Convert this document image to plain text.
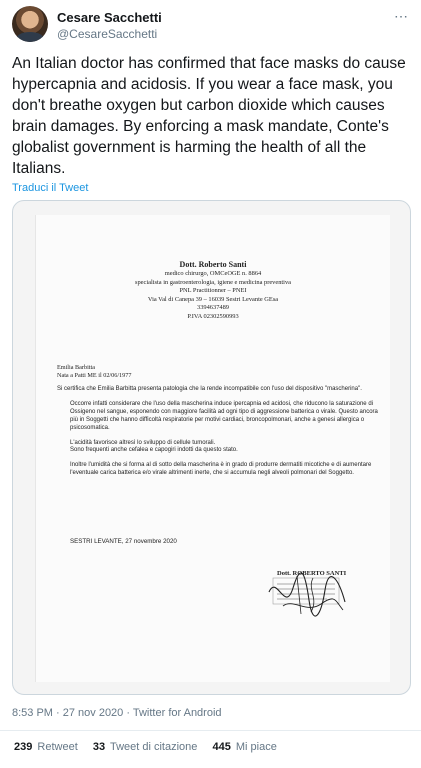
Cesare Sacchetti
@CesareSacchetti
⋯
An Italian doctor has confirmed that face masks do cause hypercapnia and acidosis. If you wear a face mask, you don't breathe oxygen but carbon dioxide which causes brain damages. By enforcing a mask mandate, Conte's globalist government is harming the health of all the Italians.
Traduci il Tweet
Dott. Roberto Santi
medico chirurgo, OMCeOGE n. 8864
specialista in gastroenterologia, igiene e medicina preventiva
PNL Practitionner – PNEI
Via Val di Canepa 39 – 16039 Sestri Levante GEsa
3394637489
P.IVA 02302590993
Emilia Barbitta
Nata a Patti ME il 02/06/1977

Si certifica che Emilia Barbitta presenta patologia che la rende incompatibile con l'uso del dispositivo "mascherina".

Occorre infatti considerare che l'uso della mascherina induce ipercapnia ed acidosi, che riducono la saturazione di Ossigeno nel sangue, esponendo con maggiore facilità ad ogni tipo di aggressione batterica o virale. Questo ancora più in Soggetti che hanno difficoltà respiratorie per motivi cardiaci, broncopolmonari, anche a genesi allergica o psicosomatica.

L'acidità favorisce altresì lo sviluppo di cellule tumorali.

Sono frequenti anche cefalea e capogiri indotti da questo stato.

Inoltre l'umidità che si forma al di sotto della mascherina è in grado di produrre dermatiti micotiche e di aumentare l'eventuale carica batterica e/o virale altrimenti inerte, che si accumula negli alveoli polmonari del Soggetto.

SESTRI LEVANTE, 27 novembre 2020
Dott. ROBERTO SANTI
8:53 PM · 27 nov 2020 · Twitter for Android
239 Retweet 33 Tweet di citazione 445 Mi piace
